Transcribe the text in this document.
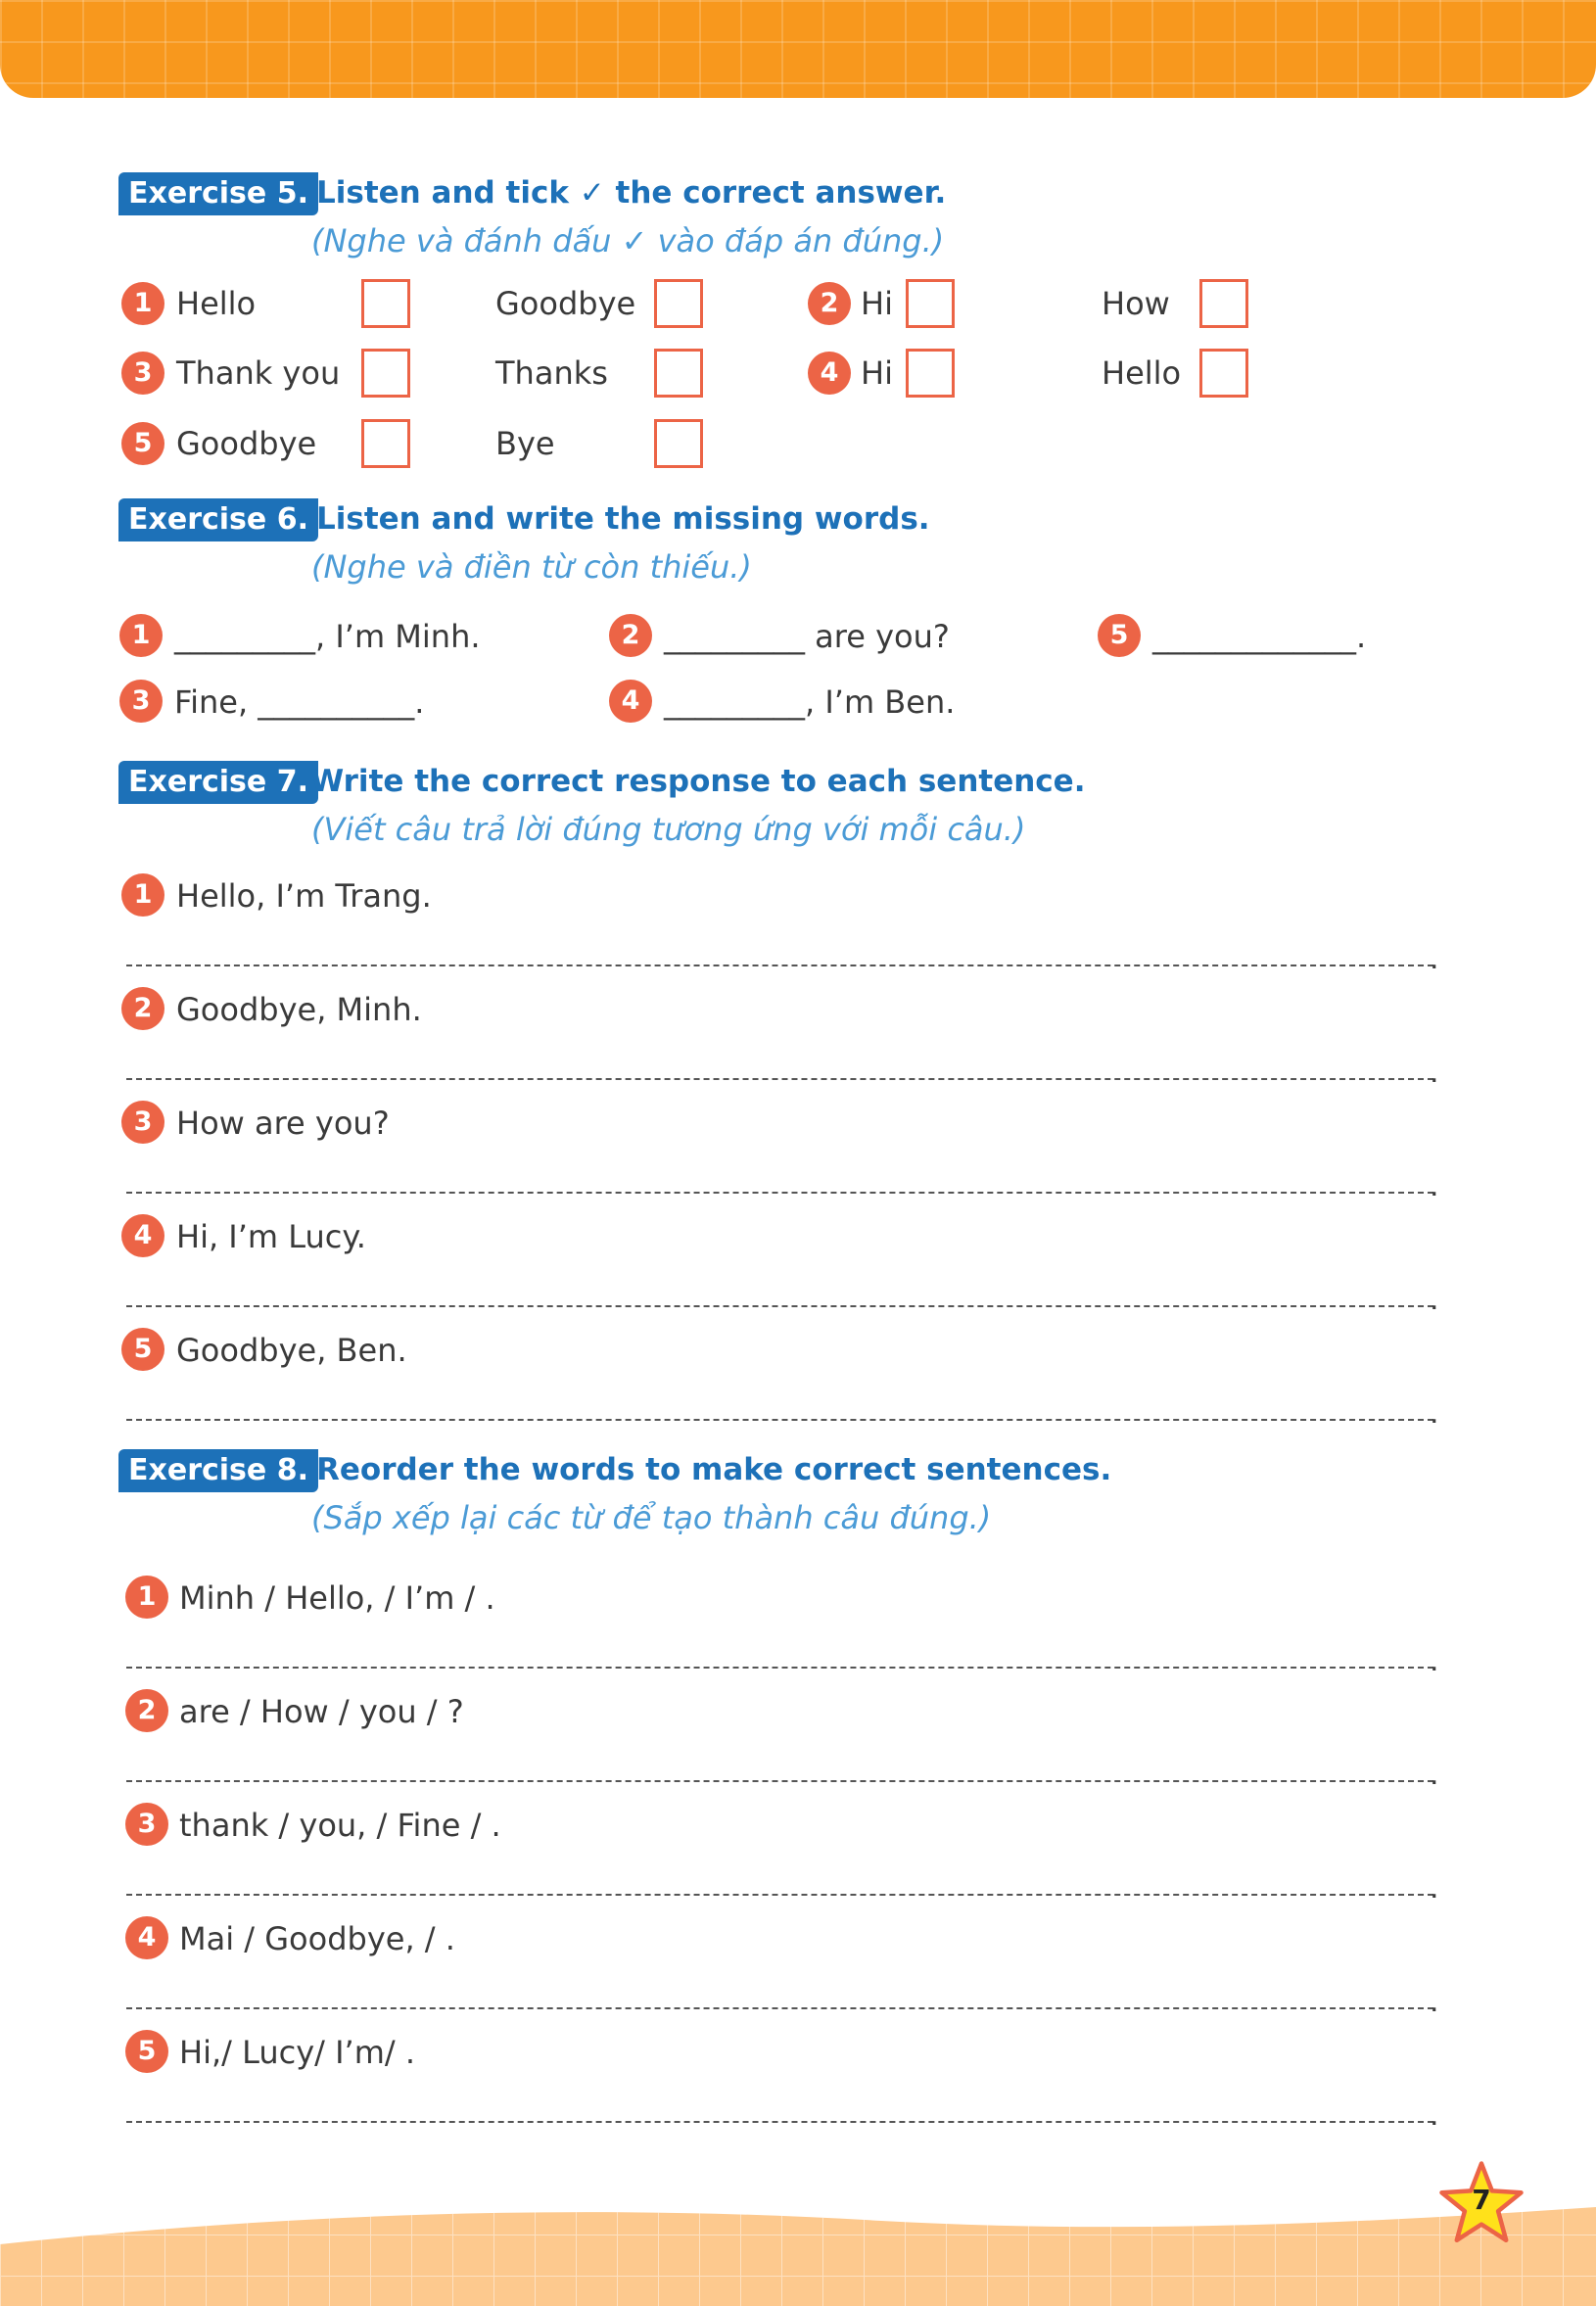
Exercise 5. Listen and tick ✓ the correct answer.
(Nghe và đánh dấu ✓ vào đáp án đúng.)
1 Hello	Goodbye	2 Hi	How
3 Thank you	Thanks	4 Hi	Hello
5 Goodbye	Bye
Exercise 6. Listen and write the missing words.
(Nghe và điền từ còn thiếu.)
1 _________, I’m Minh.	2 _________ are you?	5 _____________.
3 Fine, __________.	4 _________, I’m Ben.
Exercise 7. Write the correct response to each sentence.
(Viết câu trả lời đúng tương ứng với mỗi câu.)
1 Hello, I’m Trang.
.
2 Goodbye, Minh.
.
3 How are you?
.
4 Hi, I’m Lucy.
.
5 Goodbye, Ben.
.
Exercise 8. Reorder the words to make correct sentences.
(Sắp xếp lại các từ để tạo thành câu đúng.)
1 Minh / Hello, / I’m / .
.
2 are / How / you / ?
.
3 thank / you, / Fine / .
.
4 Mai / Goodbye, / .
.
5 Hi,/ Lucy/ I’m/ .
.
7
